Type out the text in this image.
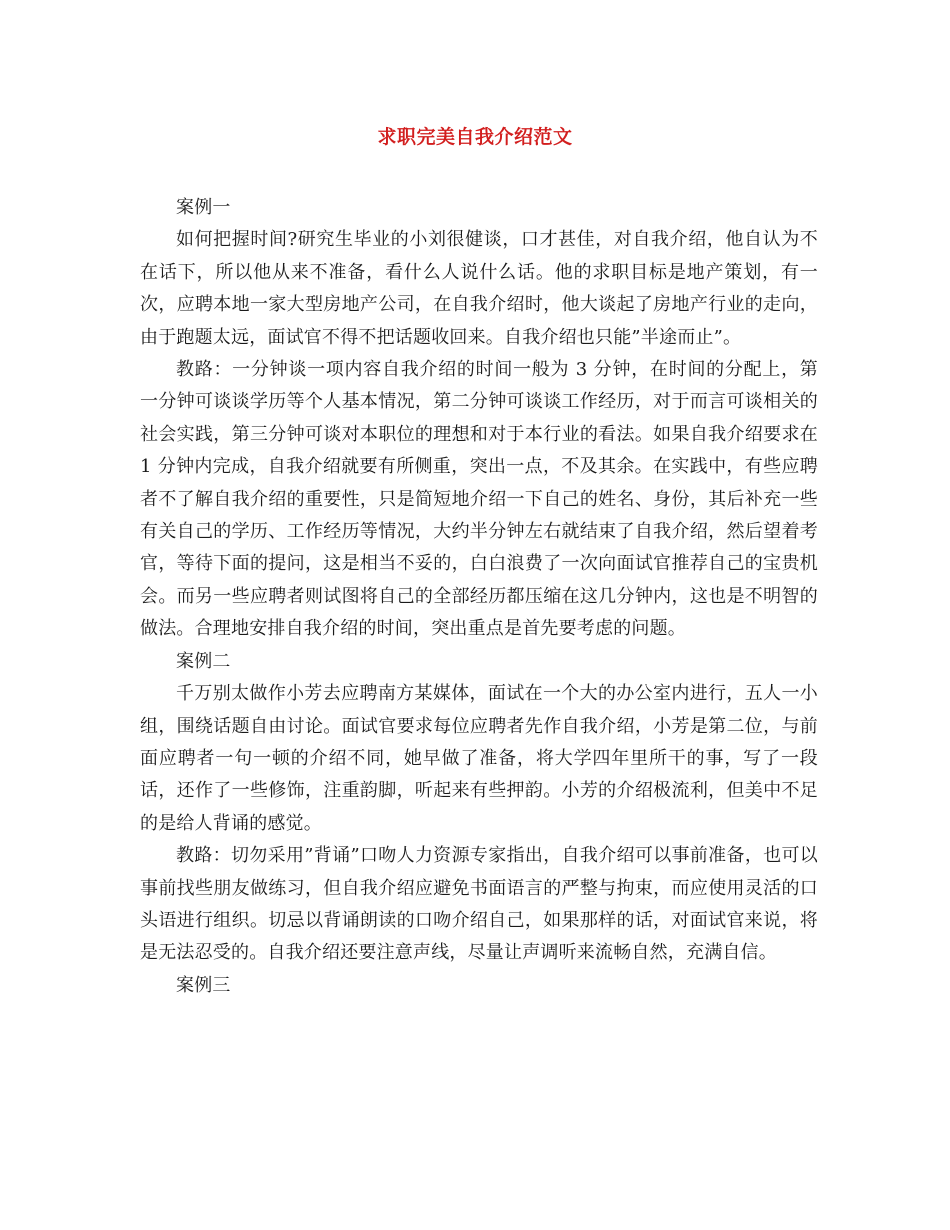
求职完美自我介绍范文

案例一

如何把握时间?研究生毕业的小刘很健谈，口才甚佳，对自我介绍，他自认为不在话下，所以他从来不准备，看什么人说什么话。他的求职目标是地产策划，有一次，应聘本地一家大型房地产公司，在自我介绍时，他大谈起了房地产行业的走向，由于跑题太远，面试官不得不把话题收回来。自我介绍也只能”半途而止”。

教路：一分钟谈一项内容自我介绍的时间一般为 3 分钟，在时间的分配上，第一分钟可谈谈学历等个人基本情况，第二分钟可谈谈工作经历，对于而言可谈相关的社会实践，第三分钟可谈对本职位的理想和对于本行业的看法。如果自我介绍要求在 1 分钟内完成，自我介绍就要有所侧重，突出一点，不及其余。在实践中，有些应聘者不了解自我介绍的重要性，只是简短地介绍一下自己的姓名、身份，其后补充一些有关自己的学历、工作经历等情况，大约半分钟左右就结束了自我介绍，然后望着考官，等待下面的提问，这是相当不妥的，白白浪费了一次向面试官推荐自己的宝贵机会。而另一些应聘者则试图将自己的全部经历都压缩在这几分钟内，这也是不明智的做法。合理地安排自我介绍的时间，突出重点是首先要考虑的问题。

案例二

千万别太做作小芳去应聘南方某媒体，面试在一个大的办公室内进行，五人一小组，围绕话题自由讨论。面试官要求每位应聘者先作自我介绍，小芳是第二位，与前面应聘者一句一顿的介绍不同，她早做了准备，将大学四年里所干的事，写了一段话，还作了一些修饰，注重韵脚，听起来有些押韵。小芳的介绍极流利，但美中不足的是给人背诵的感觉。

教路：切勿采用”背诵”口吻人力资源专家指出，自我介绍可以事前准备，也可以事前找些朋友做练习，但自我介绍应避免书面语言的严整与拘束，而应使用灵活的口头语进行组织。切忌以背诵朗读的口吻介绍自己，如果那样的话，对面试官来说，将是无法忍受的。自我介绍还要注意声线，尽量让声调听来流畅自然，充满自信。

案例三
